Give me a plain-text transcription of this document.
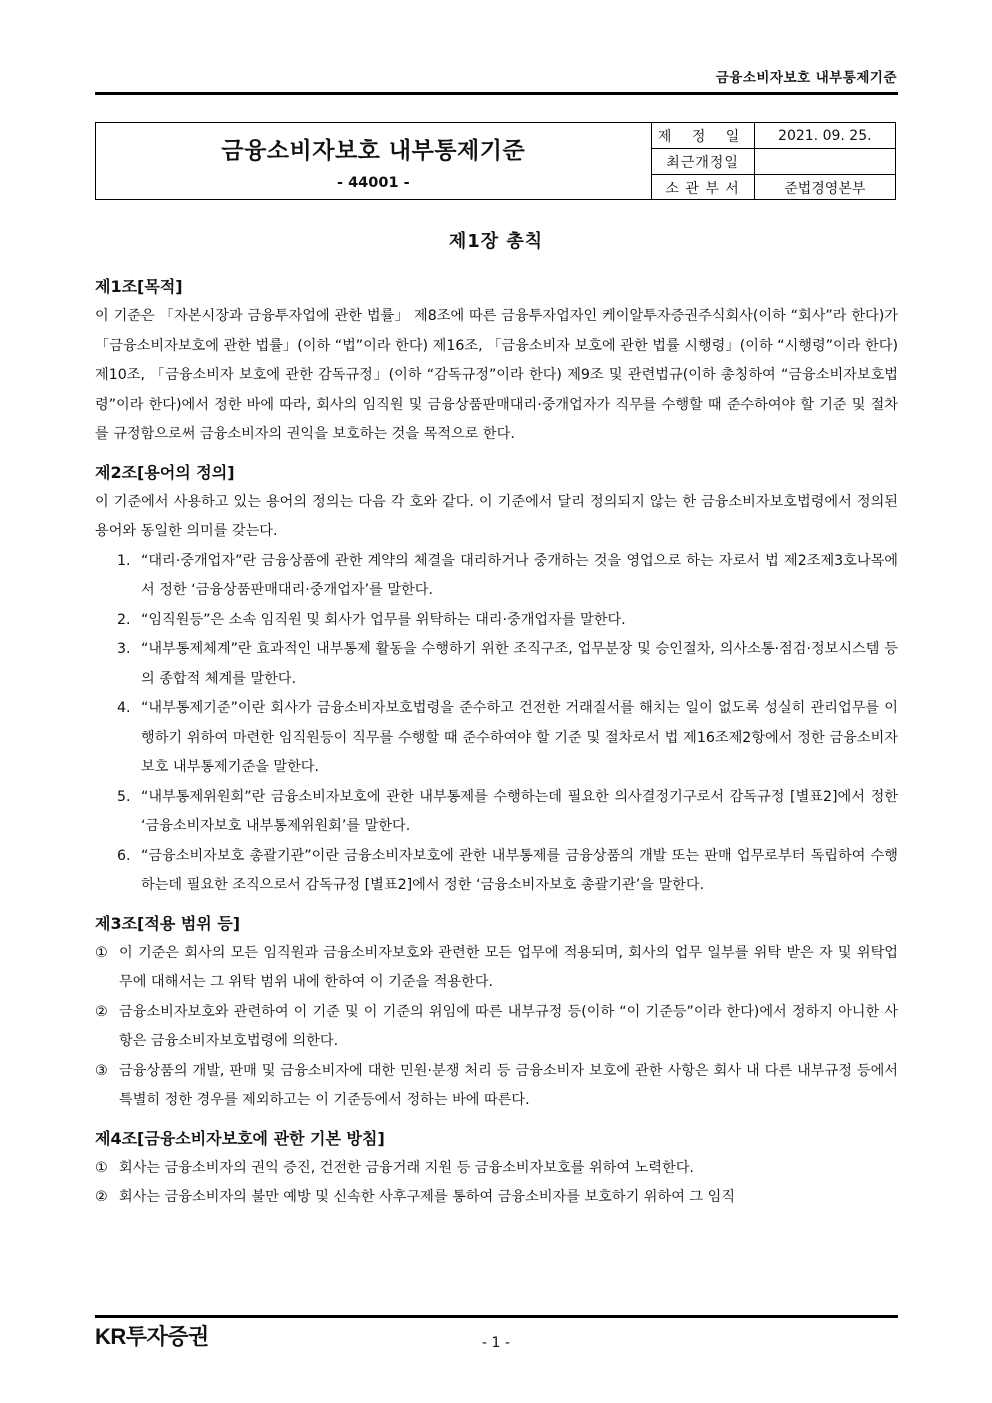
금융소비자보호 내부통제기준
금융소비자보호 내부통제기준
- 44001 -
제 정 일	2021. 09. 25.
최근개정일	
소 관 부 서	준법경영본부
제1장 총칙
제1조[목적]
이 기준은 「자본시장과 금융투자업에 관한 법률」 제8조에 따른 금융투자업자인 케이알투자증권주식회사(이하 “회사”라 한다)가 「금융소비자보호에 관한 법률」(이하 “법”이라 한다) 제16조, 「금융소비자 보호에 관한 법률 시행령」(이하 “시행령”이라 한다) 제10조, 「금융소비자 보호에 관한 감독규정」(이하 “감독규정”이라 한다) 제9조 및 관련법규(이하 총칭하여 “금융소비자보호법령”이라 한다)에서 정한 바에 따라, 회사의 임직원 및 금융상품판매대리·중개업자가 직무를 수행할 때 준수하여야 할 기준 및 절차를 규정함으로써 금융소비자의 권익을 보호하는 것을 목적으로 한다.
제2조[용어의 정의]
이 기준에서 사용하고 있는 용어의 정의는 다음 각 호와 같다. 이 기준에서 달리 정의되지 않는 한 금융소비자보호법령에서 정의된 용어와 동일한 의미를 갖는다.
1. “대리·중개업자”란 금융상품에 관한 계약의 체결을 대리하거나 중개하는 것을 영업으로 하는 자로서 법 제2조제3호나목에서 정한 ‘금융상품판매대리·중개업자’를 말한다.
2. “임직원등”은 소속 임직원 및 회사가 업무를 위탁하는 대리·중개업자를 말한다.
3. “내부통제체계”란 효과적인 내부통제 활동을 수행하기 위한 조직구조, 업무분장 및 승인절차, 의사소통·점검·정보시스템 등의 종합적 체계를 말한다.
4. “내부통제기준”이란 회사가 금융소비자보호법령을 준수하고 건전한 거래질서를 해치는 일이 없도록 성실히 관리업무를 이행하기 위하여 마련한 임직원등이 직무를 수행할 때 준수하여야 할 기준 및 절차로서 법 제16조제2항에서 정한 금융소비자보호 내부통제기준을 말한다.
5. “내부통제위원회”란 금융소비자보호에 관한 내부통제를 수행하는데 필요한 의사결정기구로서 감독규정 [별표2]에서 정한 ‘금융소비자보호 내부통제위원회’를 말한다.
6. “금융소비자보호 총괄기관”이란 금융소비자보호에 관한 내부통제를 금융상품의 개발 또는 판매 업무로부터 독립하여 수행하는데 필요한 조직으로서 감독규정 [별표2]에서 정한 ‘금융소비자보호 총괄기관’을 말한다.
제3조[적용 범위 등]
① 이 기준은 회사의 모든 임직원과 금융소비자보호와 관련한 모든 업무에 적용되며, 회사의 업무 일부를 위탁 받은 자 및 위탁업무에 대해서는 그 위탁 범위 내에 한하여 이 기준을 적용한다.
② 금융소비자보호와 관련하여 이 기준 및 이 기준의 위임에 따른 내부규정 등(이하 “이 기준등”이라 한다)에서 정하지 아니한 사항은 금융소비자보호법령에 의한다.
③ 금융상품의 개발, 판매 및 금융소비자에 대한 민원·분쟁 처리 등 금융소비자 보호에 관한 사항은 회사 내 다른 내부규정 등에서 특별히 정한 경우를 제외하고는 이 기준등에서 정하는 바에 따른다.
제4조[금융소비자보호에 관한 기본 방침]
① 회사는 금융소비자의 권익 증진, 건전한 금융거래 지원 등 금융소비자보호를 위하여 노력한다.
② 회사는 금융소비자의 불만 예방 및 신속한 사후구제를 통하여 금융소비자를 보호하기 위하여 그 임직
KR투자증권	- 1 -
